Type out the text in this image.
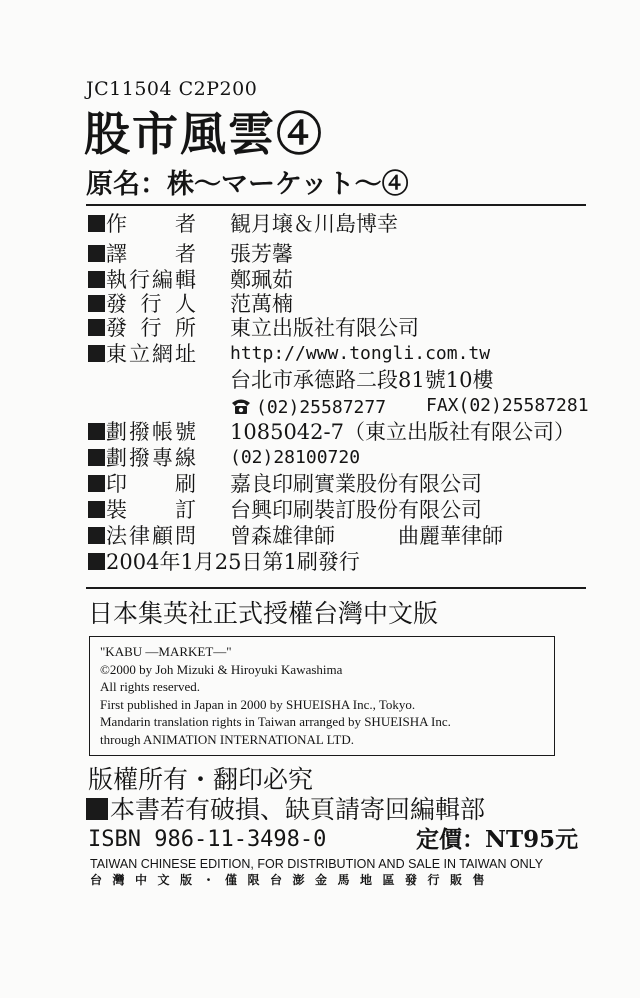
JC11504 C2P200
股市風雲④
原名：株〜マーケット〜④
作　者 観月壌＆川島博幸
譯　者 張芳馨
執行編輯 鄭珮茹
發 行 人 范萬楠
發 行 所 東立出版社有限公司
東立網址 http://www.tongli.com.tw
台北市承德路二段81號10樓
(02)25587277 FAX(02)25587281
劃撥帳號 1085042-7（東立出版社有限公司）
劃撥專線 (02)28100720
印　刷 嘉良印刷實業股份有限公司
裝　訂 台興印刷裝訂股份有限公司
法律顧問 曾森雄律師	曲麗華律師
2004年1月25日第1刷發行
日本集英社正式授權台灣中文版
"KABU —MARKET—"
©2000 by Joh Mizuki & Hiroyuki Kawashima
All rights reserved.
First published in Japan in 2000 by SHUEISHA Inc., Tokyo.
Mandarin translation rights in Taiwan arranged by SHUEISHA Inc.
through ANIMATION INTERNATIONAL LTD.
版權所有・翻印必究
本書若有破損、缺頁請寄回編輯部
ISBN 986-11-3498-0	定價：NT95元
TAIWAN CHINESE EDITION, FOR DISTRIBUTION AND SALE IN TAIWAN ONLY
台灣中文版・僅限台澎金馬地區發行販售
